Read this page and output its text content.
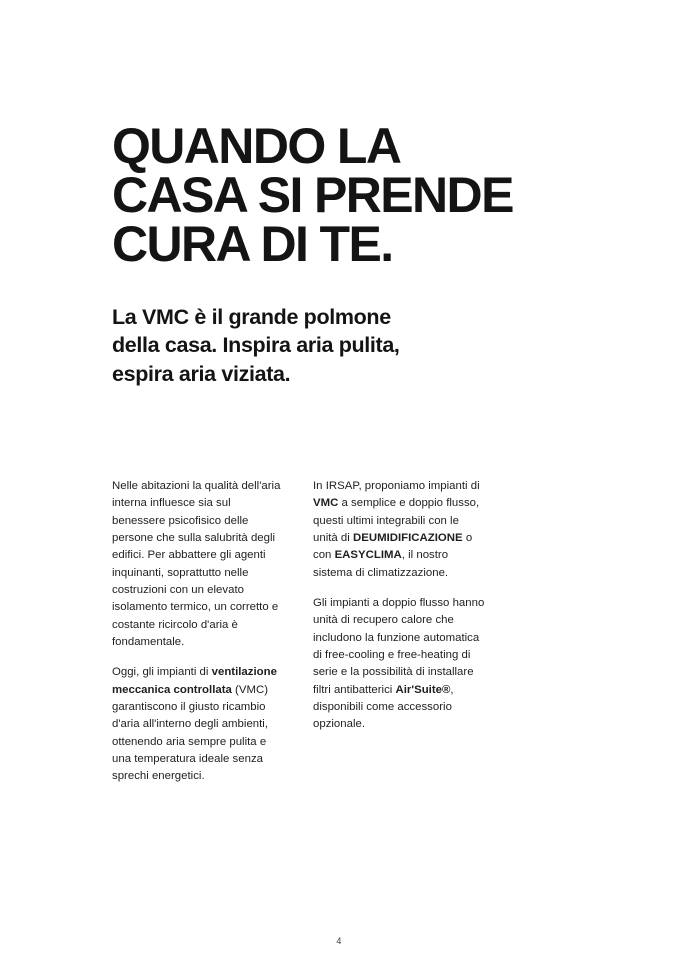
QUANDO LA
CASA SI PRENDE
CURA DI TE.
La VMC è il grande polmone
della casa. Inspira aria pulita,
espira aria viziata.

Nelle abitazioni la qualità dell'aria interna influesce sia sul benessere psicofisico delle persone che sulla salubrità degli edifici. Per abbattere gli agenti inquinanti, soprattutto nelle costruzioni con un elevato isolamento termico, un corretto e costante ricircolo d'aria è fondamentale.

Oggi, gli impianti di ventilazione meccanica controllata (VMC) garantiscono il giusto ricambio d'aria all'interno degli ambienti, ottenendo aria sempre pulita e una temperatura ideale senza sprechi energetici.

In IRSAP, proponiamo impianti di VMC a semplice e doppio flusso, questi ultimi integrabili con le unità di DEUMIDIFICAZIONE o con EASYCLIMA, il nostro sistema di climatizzazione.

Gli impianti a doppio flusso hanno unità di recupero calore che includono la funzione automatica di free-cooling e free-heating di serie e la possibilità di installare filtri antibatterici Air'Suite®, disponibili come accessorio opzionale.

4
